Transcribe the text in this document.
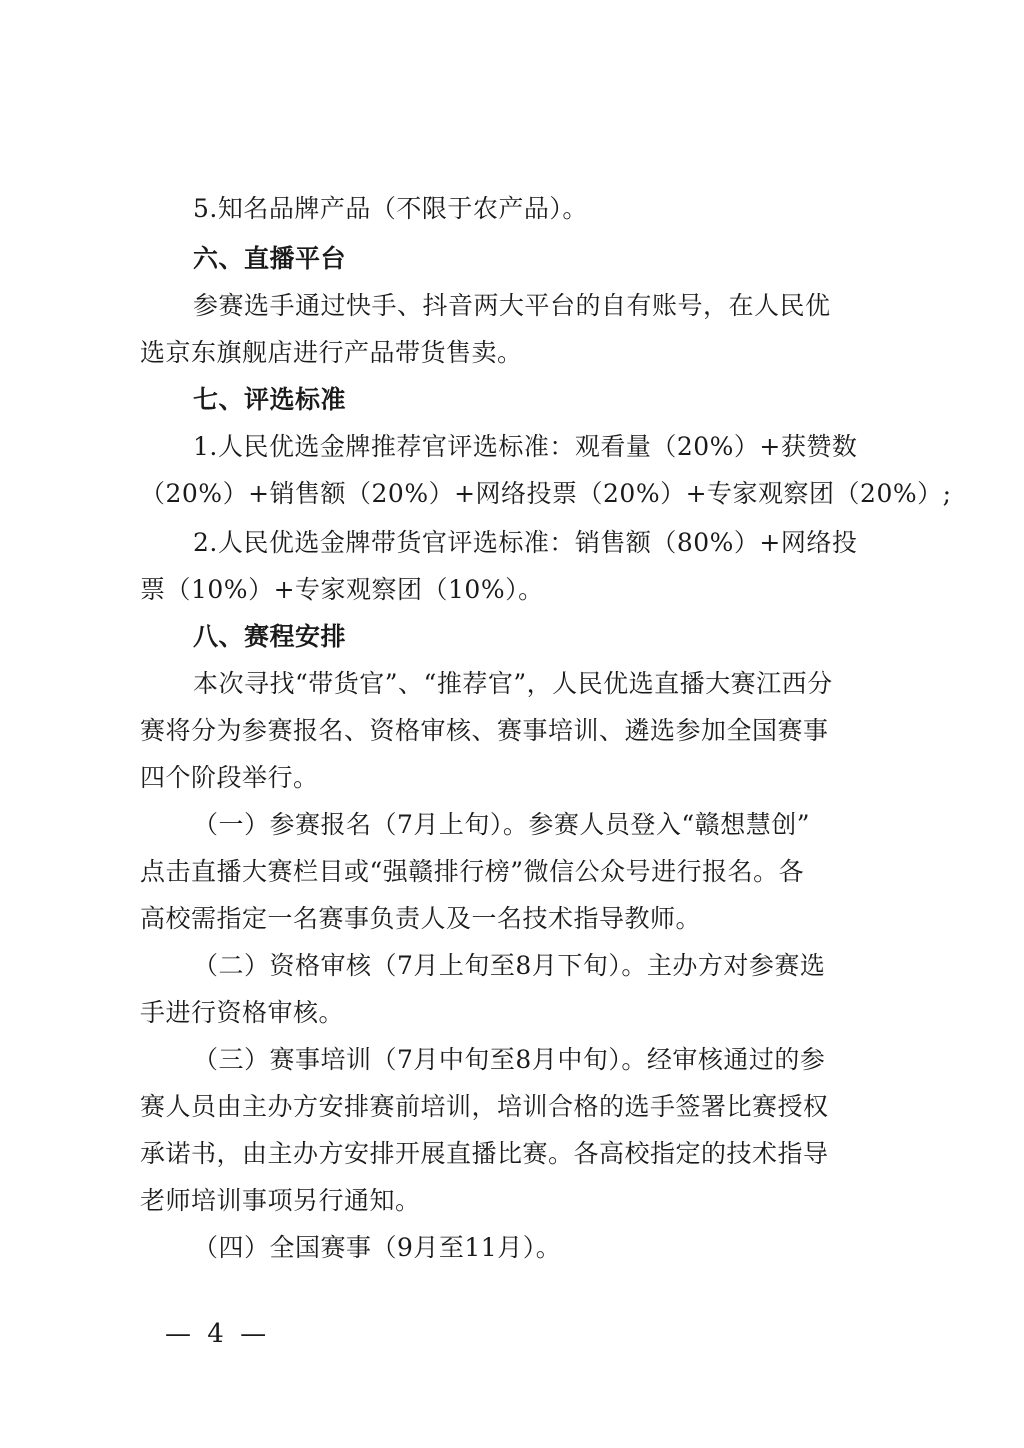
5.知名品牌产品（不限于农产品）。
六、直播平台
参赛选手通过快手、抖音两大平台的自有账号，在人民优
选京东旗舰店进行产品带货售卖。
七、评选标准
1.人民优选金牌推荐官评选标准：观看量（20%）+获赞数
（20%）+销售额（20%）+网络投票（20%）+专家观察团（20%）;
2.人民优选金牌带货官评选标准：销售额（80%）+网络投
票（10%）+专家观察团（10%）。
八、赛程安排
本次寻找“带货官”、“推荐官”，人民优选直播大赛江西分
赛将分为参赛报名、资格审核、赛事培训、遴选参加全国赛事
四个阶段举行。
（一）参赛报名（7月上旬）。参赛人员登入“赣想慧创”
点击直播大赛栏目或“强赣排行榜”微信公众号进行报名。各
高校需指定一名赛事负责人及一名技术指导教师。
（二）资格审核（7月上旬至8月下旬）。主办方对参赛选
手进行资格审核。
（三）赛事培训（7月中旬至8月中旬）。经审核通过的参
赛人员由主办方安排赛前培训，培训合格的选手签署比赛授权
承诺书，由主办方安排开展直播比赛。各高校指定的技术指导
老师培训事项另行通知。
（四）全国赛事（9月至11月）。
— 4 —
